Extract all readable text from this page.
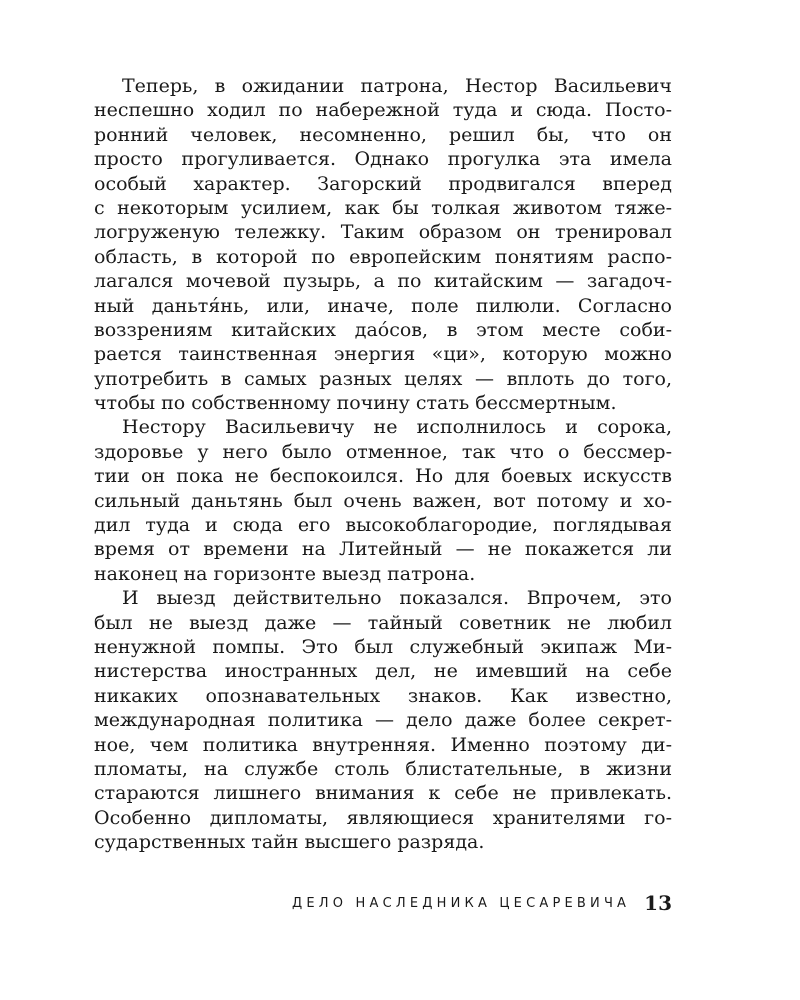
Теперь, в ожидании патрона, Нестор Васильевич
неспешно ходил по набережной туда и сюда. Посто-
ронний человек, несомненно, решил бы, что он
просто прогуливается. Однако прогулка эта имела
особый характер. Загорский продвигался вперед
с некоторым усилием, как бы толкая животом тяже-
логруженую тележку. Таким образом он тренировал
область, в которой по европейским понятиям распо-
лагался мочевой пузырь, а по китайским — загадоч-
ный даньтя́нь, или, иначе, поле пилюли. Согласно
воззрениям китайских дао́сов, в этом месте соби-
рается таинственная энергия «ци», которую можно
употребить в самых разных целях — вплоть до того,
чтобы по собственному почину стать бессмертным.
Нестору Васильевичу не исполнилось и сорока,
здоровье у него было отменное, так что о бессмер-
тии он пока не беспокоился. Но для боевых искусств
сильный даньтянь был очень важен, вот потому и хо-
дил туда и сюда его высокоблагородие, поглядывая
время от времени на Литейный — не покажется ли
наконец на горизонте выезд патрона.
И выезд действительно показался. Впрочем, это
был не выезд даже — тайный советник не любил
ненужной помпы. Это был служебный экипаж Ми-
нистерства иностранных дел, не имевший на себе
никаких опознавательных знаков. Как известно,
международная политика — дело даже более секрет-
ное, чем политика внутренняя. Именно поэтому ди-
пломаты, на службе столь блистательные, в жизни
стараются лишнего внимания к себе не привлекать.
Особенно дипломаты, являющиеся хранителями го-
сударственных тайн высшего разряда.
ДЕЛО НАСЛЕДНИКА ЦЕСАРЕВИЧА 13
